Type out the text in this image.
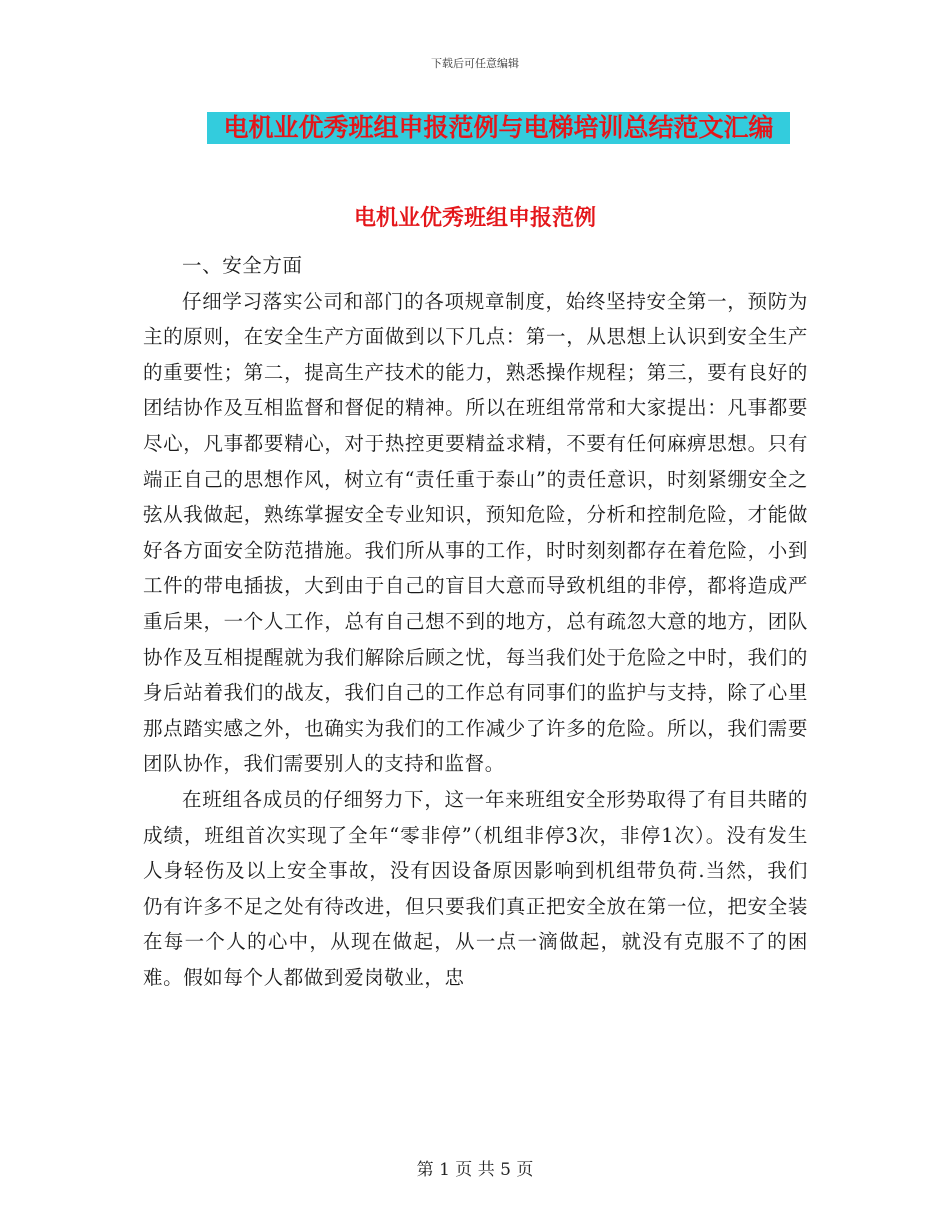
下载后可任意编辑
电机业优秀班组申报范例与电梯培训总结范文汇编
电机业优秀班组申报范例

一、安全方面

仔细学习落实公司和部门的各项规章制度，始终坚持安全第一，预防为主的原则，在安全生产方面做到以下几点：第一，从思想上认识到安全生产的重要性；第二，提高生产技术的能力，熟悉操作规程；第三，要有良好的团结协作及互相监督和督促的精神。所以在班组常常和大家提出：凡事都要尽心，凡事都要精心，对于热控更要精益求精，不要有任何麻痹思想。只有端正自己的思想作风，树立有“责任重于泰山”的责任意识，时刻紧绷安全之弦从我做起，熟练掌握安全专业知识，预知危险，分析和控制危险，才能做好各方面安全防范措施。我们所从事的工作，时时刻刻都存在着危险，小到工件的带电插拔，大到由于自己的盲目大意而导致机组的非停，都将造成严重后果，一个人工作，总有自己想不到的地方，总有疏忽大意的地方，团队协作及互相提醒就为我们解除后顾之忧，每当我们处于危险之中时，我们的身后站着我们的战友，我们自己的工作总有同事们的监护与支持，除了心里那点踏实感之外，也确实为我们的工作减少了许多的危险。所以，我们需要团队协作，我们需要别人的支持和监督。

在班组各成员的仔细努力下，这一年来班组安全形势取得了有目共睹的成绩，班组首次实现了全年“零非停”（机组非停3次，非停1次）。没有发生人身轻伤及以上安全事故，没有因设备原因影响到机组带负荷.当然，我们仍有许多不足之处有待改进，但只要我们真正把安全放在第一位，把安全装在每一个人的心中，从现在做起，从一点一滴做起，就没有克服不了的困难。假如每个人都做到爱岗敬业，忠

第 1 页 共 5 页
